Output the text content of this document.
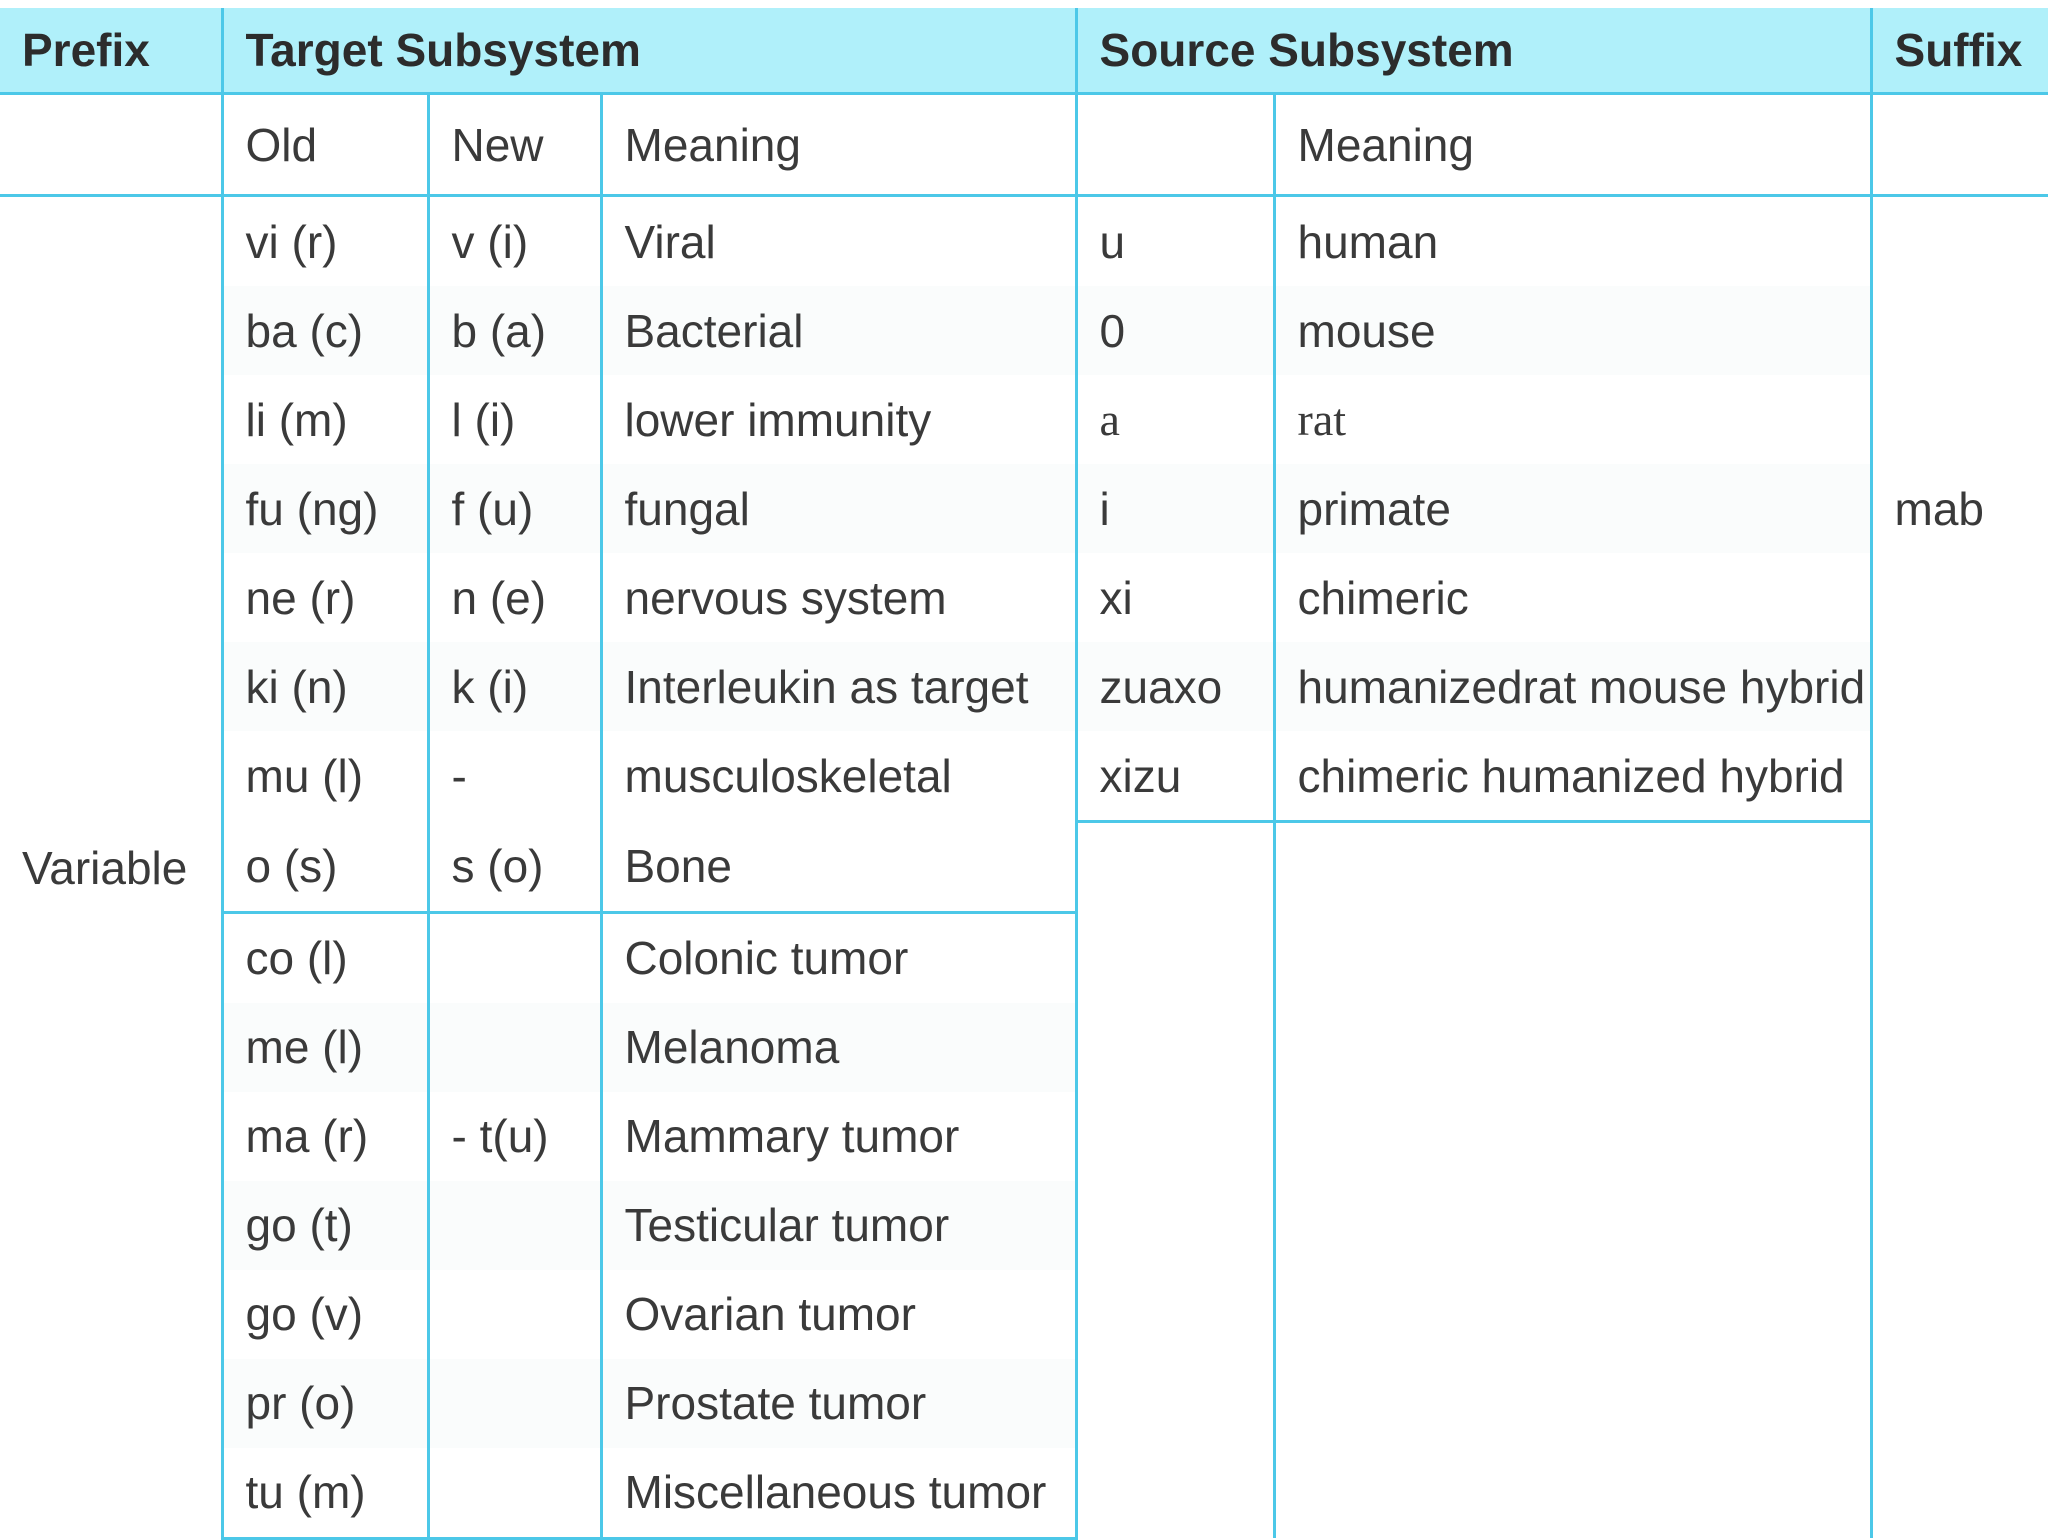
Prefix	Target Subsystem			Source Subsystem		Suffix
	Old	New	Meaning		Meaning	
Variable	vi (r)	v (i)	Viral	u	human	mab
	ba (c)	b (a)	Bacterial	0	mouse	
	li (m)	l (i)	lower immunity	a	rat	
	fu (ng)	f (u)	fungal	i	primate	
	ne (r)	n (e)	nervous system	xi	chimeric	
	ki (n)	k (i)	Interleukin as target	zuaxo	humanizedrat mouse hybrid	
	mu (l)	-	musculoskeletal	xizu	chimeric humanized hybrid	
	o (s)	s (o)	Bone			
	co (l)		Colonic tumor			
	me (l)		Melanoma			
	ma (r)	- t(u)	Mammary tumor			
	go (t)		Testicular tumor			
	go (v)		Ovarian tumor			
	pr (o)		Prostate tumor			
	tu (m)		Miscellaneous tumor			
